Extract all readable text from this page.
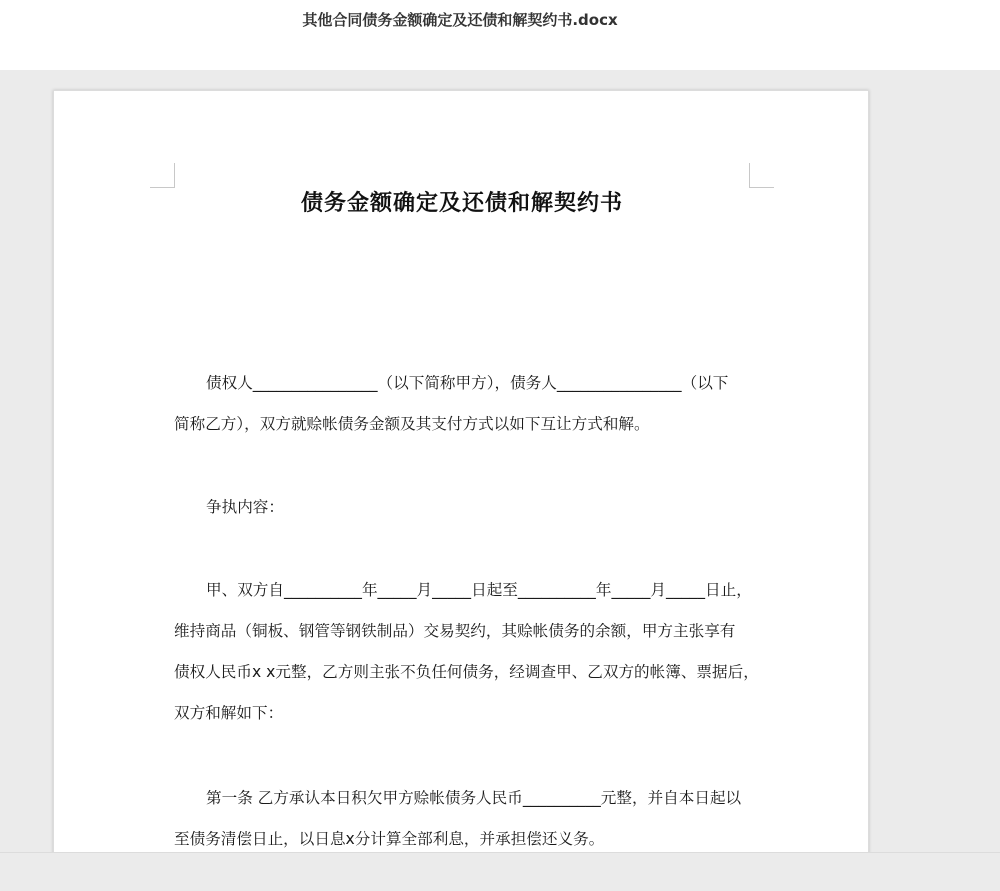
其他合同债务金额确定及还债和解契约书.docx
债务金额确定及还债和解契约书
债权人________________（以下简称甲方），债务人________________（以下
简称乙方），双方就赊帐债务金额及其支付方式以如下互让方式和解。
争执内容：
甲、双方自__________年_____月_____日起至__________年_____月_____日止，
维持商品（铜板、钢管等钢铁制品）交易契约，其赊帐债务的余额，甲方主张享有
债权人民币x x元整，乙方则主张不负任何债务，经调查甲、乙双方的帐簿、票据后，
双方和解如下：
第一条 乙方承认本日积欠甲方赊帐债务人民币__________元整，并自本日起以
至债务清偿日止，以日息x分计算全部利息，并承担偿还义务。
